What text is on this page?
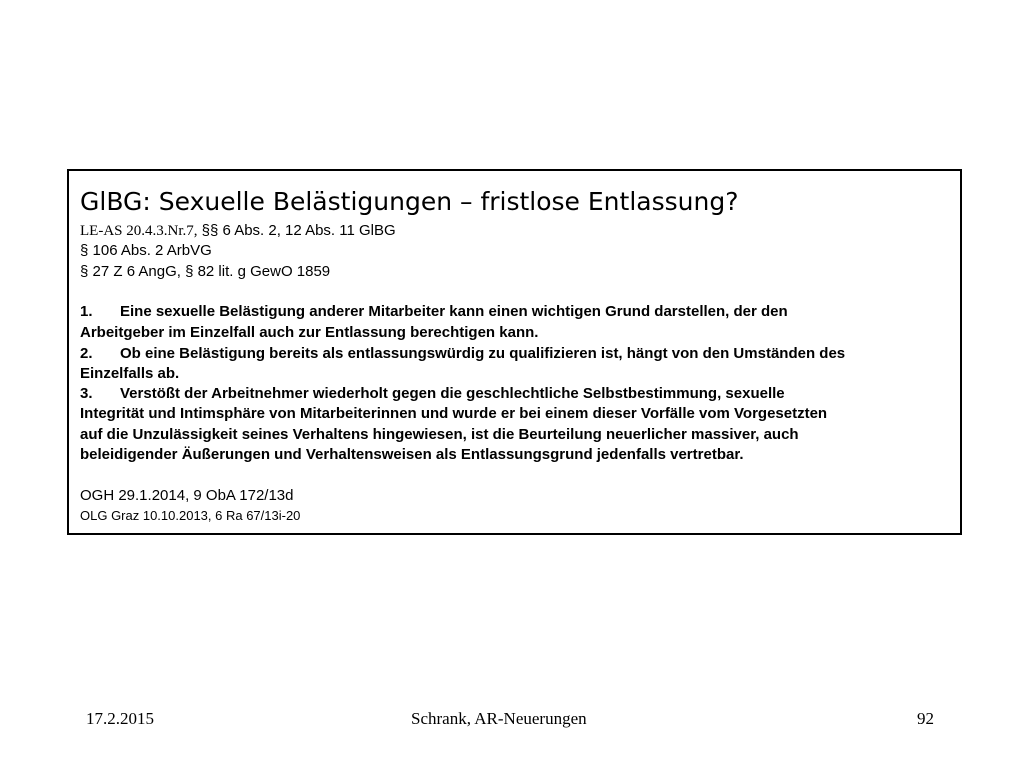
GlBG: Sexuelle Belästigungen – fristlose Entlassung?
LE-AS 20.4.3.Nr.7, §§ 6 Abs. 2, 12 Abs. 11 GlBG
§ 106 Abs. 2 ArbVG
§ 27 Z 6 AngG, § 82 lit. g GewO 1859
1. Eine sexuelle Belästigung anderer Mitarbeiter kann einen wichtigen Grund darstellen, der den
Arbeitgeber im Einzelfall auch zur Entlassung berechtigen kann.
2. Ob eine Belästigung bereits als entlassungswürdig zu qualifizieren ist, hängt von den Umständen des
Einzelfalls ab.
3. Verstößt der Arbeitnehmer wiederholt gegen die geschlechtliche Selbstbestimmung, sexuelle
Integrität und Intimsphäre von Mitarbeiterinnen und wurde er bei einem dieser Vorfälle vom Vorgesetzten
auf die Unzulässigkeit seines Verhaltens hingewiesen, ist die Beurteilung neuerlicher massiver, auch
beleidigender Äußerungen und Verhaltensweisen als Entlassungsgrund jedenfalls vertretbar.
OGH 29.1.2014, 9 ObA 172/13d
OLG Graz 10.10.2013, 6 Ra 67/13i-20
17.2.2015	Schrank, AR-Neuerungen	92
